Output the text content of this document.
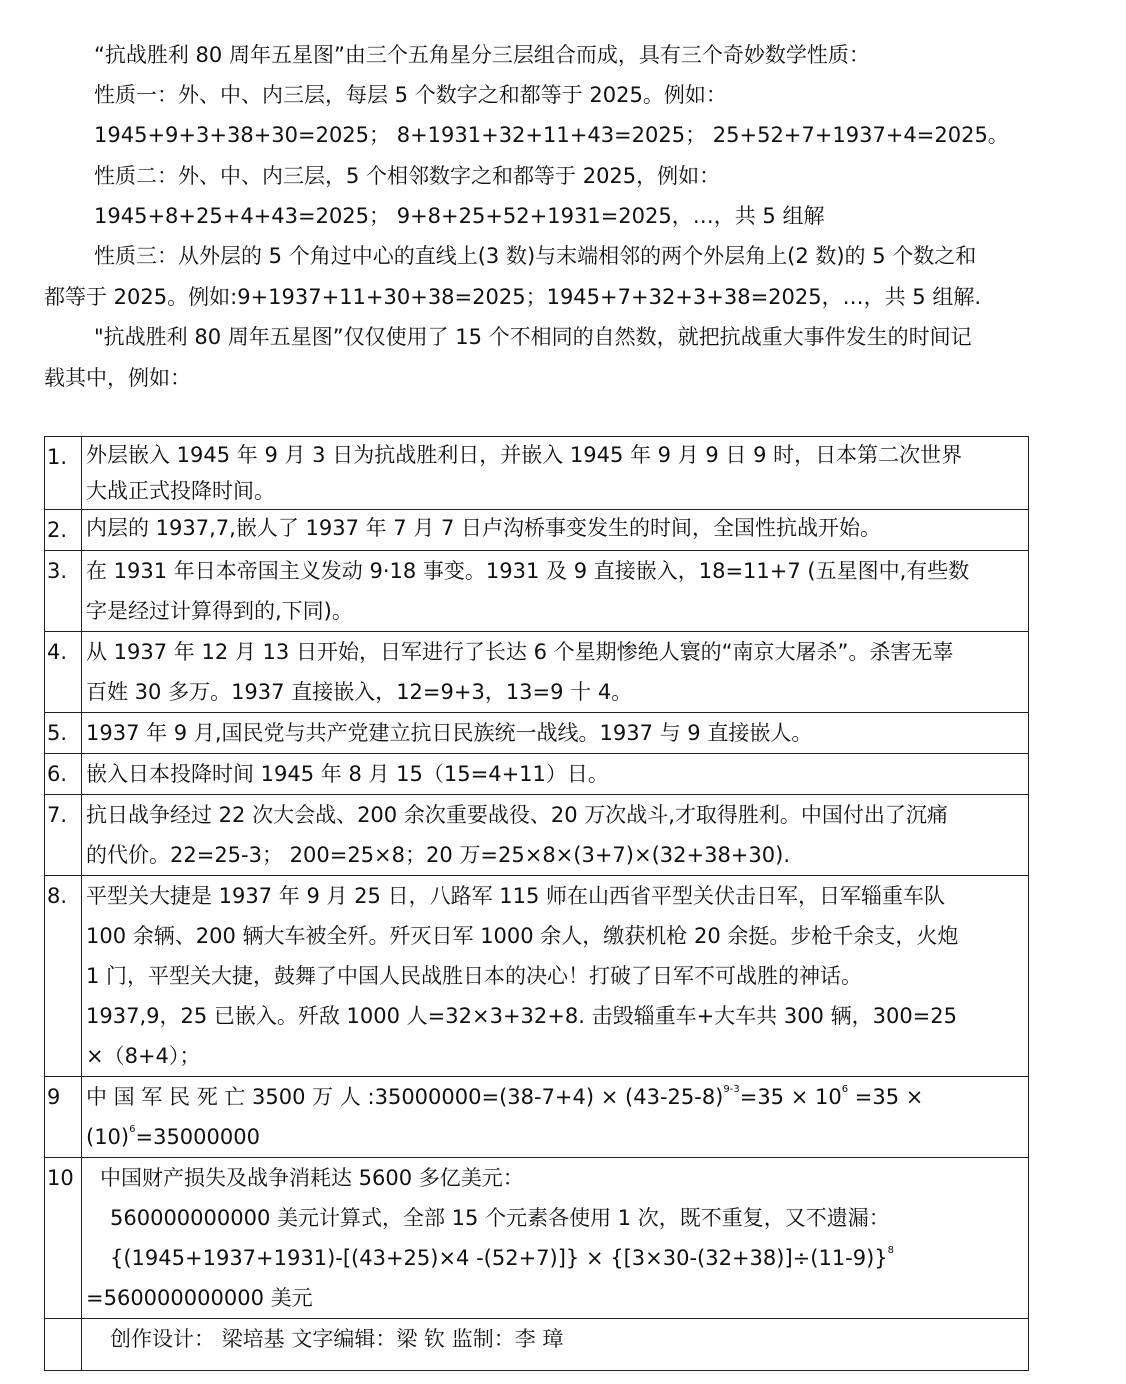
“抗战胜利 80 周年五星图”由三个五角星分三层组合而成，具有三个奇妙数学性质：
性质一：外、中、内三层，每层 5 个数字之和都等于 2025。例如：
1945+9+3+38+30=2025； 8+1931+32+11+43=2025； 25+52+7+1937+4=2025。
性质二：外、中、内三层，5 个相邻数字之和都等于 2025，例如：
1945+8+25+4+43=2025； 9+8+25+52+1931=2025，…，共 5 组解
性质三：从外层的 5 个角过中心的直线上(3 数)与末端相邻的两个外层角上(2 数)的 5 个数之和
都等于 2025。例如:9+1937+11+30+38=2025；1945+7+32+3+38=2025，…，共 5 组解.
"抗战胜利 80 周年五星图”仅仅使用了 15 个不相同的自然数，就把抗战重大事件发生的时间记
载其中，例如：
1.	外层嵌入 1945 年 9 月 3 日为抗战胜利日，并嵌入 1945 年 9 月 9 日 9 时，日本第二次世界
大战正式投降时间。

2.	内层的 1937,7,嵌人了 1937 年 7 月 7 日卢沟桥事变发生的时间，全国性抗战开始。

3.	在 1931 年日本帝国主义发动 9·18 事变。1931 及 9 直接嵌入，18=11+7 (五星图中,有些数
字是经过计算得到的,下同)。

4.	从 1937 年 12 月 13 日开始，日军进行了长达 6 个星期惨绝人寰的“南京大屠杀”。杀害无辜
百姓 30 多万。1937 直接嵌入，12=9+3，13=9 十 4。

5.	1937 年 9 月,国民党与共产党建立抗日民族统一战线。1937 与 9 直接嵌人。

6.	嵌入日本投降时间 1945 年 8 月 15（15=4+11）日。

7.	抗日战争经过 22 次大会战、200 余次重要战役、20 万次战斗,才取得胜利。中国付出了沉痛
的代价。22=25-3； 200=25×8；20 万=25×8×(3+7)×(32+38+30).

8.	平型关大捷是 1937 年 9 月 25 日，八路军 115 师在山西省平型关伏击日军，日军辎重车队
100 余辆、200 辆大车被全歼。歼灭日军 1000 余人，缴获机枪 20 余挺。步枪千余支，火炮
1 门，平型关大捷，鼓舞了中国人民战胜日本的决心！打破了日军不可战胜的神话。
1937,9，25 已嵌入。歼敌 1000 人=32×3+32+8. 击毁辎重车+大车共 300 辆，300=25
×（8+4）；

9	中 国 军 民 死 亡 3500 万 人 :35000000=(38-7+4) × $(43-25-8)^{9-3}=35 \times 10^6 =35$ ×
$(10)^6=35000000$

10	中国财产损失及战争消耗达 5600 多亿美元：
560000000000 美元计算式，全部 15 个元素各使用 1 次，既不重复，又不遗漏：
{(1945+1937+1931)-[(43+25)×4 $-(52+7)]\} \times \{[3\times 30-(32+38)]\div(11-9)\}^8$
=560000000000 美元

	创作设计： 梁培基 文字编辑：梁 钦 监制：李 璋
